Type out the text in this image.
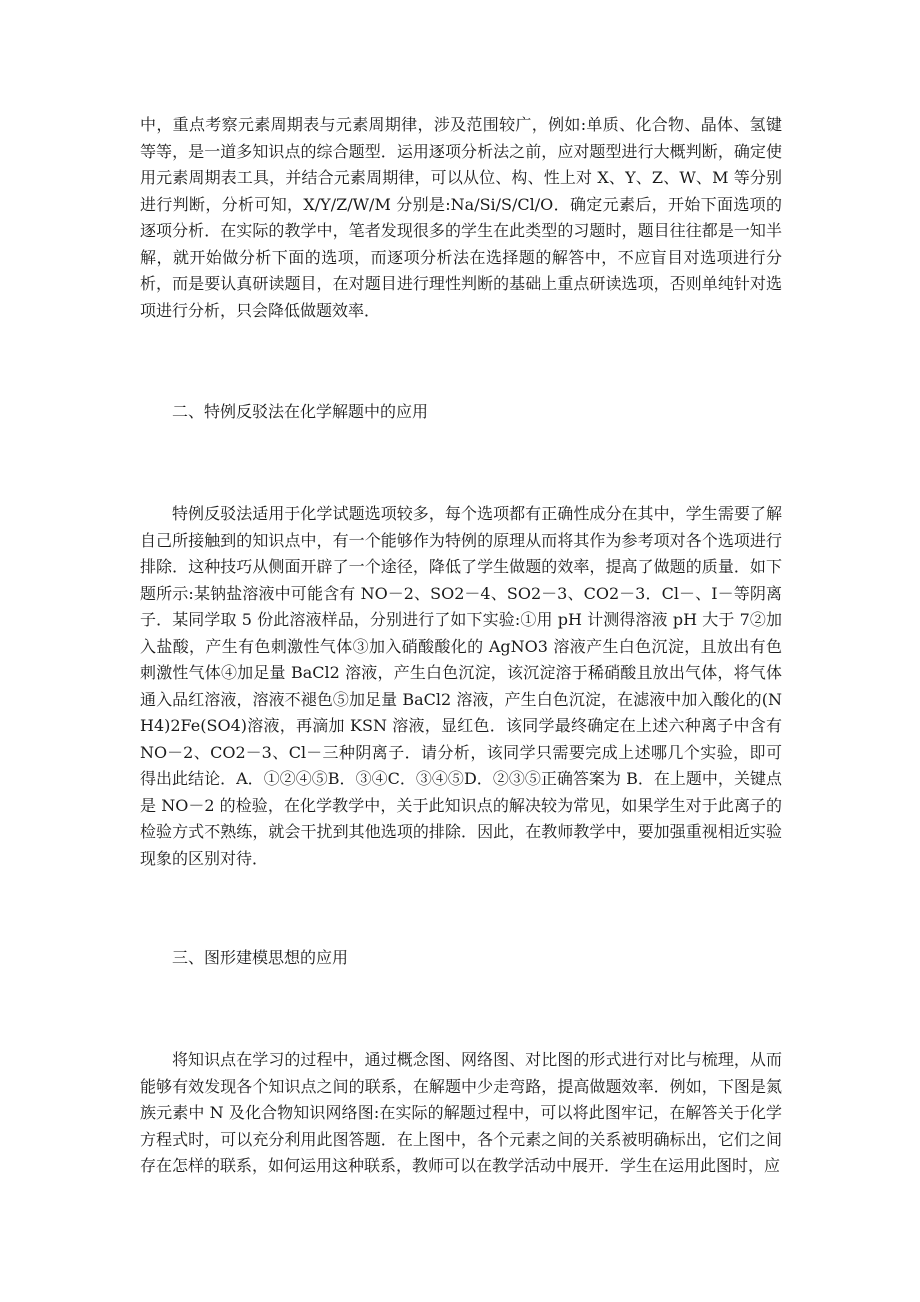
中，重点考察元素周期表与元素周期律，涉及范围较广，例如:单质、化合物、晶体、氢键等等，是一道多知识点的综合题型．运用逐项分析法之前，应对题型进行大概判断，确定使用元素周期表工具，并结合元素周期律，可以从位、构、性上对 X、Y、Z、W、M 等分别进行判断，分析可知，X/Y/Z/W/M 分别是:Na/Si/S/Cl/O．确定元素后，开始下面选项的逐项分析．在实际的教学中，笔者发现很多的学生在此类型的习题时，题目往往都是一知半解，就开始做分析下面的选项，而逐项分析法在选择题的解答中，不应盲目对选项进行分析，而是要认真研读题目，在对题目进行理性判断的基础上重点研读选项，否则单纯针对选项进行分析，只会降低做题效率．

二、特例反驳法在化学解题中的应用

特例反驳法适用于化学试题选项较多，每个选项都有正确性成分在其中，学生需要了解自己所接触到的知识点中，有一个能够作为特例的原理从而将其作为参考项对各个选项进行排除．这种技巧从侧面开辟了一个途径，降低了学生做题的效率，提高了做题的质量．如下题所示:某钠盐溶液中可能含有 NO－2、SO2－4、SO2－3、CO2－3．Cl－、I－等阴离子．某同学取 5 份此溶液样品，分别进行了如下实验:①用 pH 计测得溶液 pH 大于 7②加入盐酸，产生有色刺激性气体③加入硝酸酸化的 AgNO3 溶液产生白色沉淀，且放出有色刺激性气体④加足量 BaCl2 溶液，产生白色沉淀，该沉淀溶于稀硝酸且放出气体，将气体通入品红溶液，溶液不褪色⑤加足量 BaCl2 溶液，产生白色沉淀，在滤液中加入酸化的(NH4)2Fe(SO4)溶液，再滴加 KSN 溶液，显红色．该同学最终确定在上述六种离子中含有 NO－2、CO2－3、Cl－三种阴离子．请分析，该同学只需要完成上述哪几个实验，即可得出此结论．A．①②④⑤B．③④C．③④⑤D．②③⑤正确答案为 B．在上题中，关键点是 NO－2 的检验，在化学教学中，关于此知识点的解决较为常见，如果学生对于此离子的检验方式不熟练，就会干扰到其他选项的排除．因此，在教师教学中，要加强重视相近实验现象的区别对待．

三、图形建模思想的应用

将知识点在学习的过程中，通过概念图、网络图、对比图的形式进行对比与梳理，从而能够有效发现各个知识点之间的联系，在解题中少走弯路，提高做题效率．例如，下图是氮族元素中 N 及化合物知识网络图:在实际的解题过程中，可以将此图牢记，在解答关于化学方程式时，可以充分利用此图答题．在上图中，各个元素之间的关系被明确标出，它们之间存在怎样的联系，如何运用这种联系，教师可以在教学活动中展开．学生在运用此图时，应
